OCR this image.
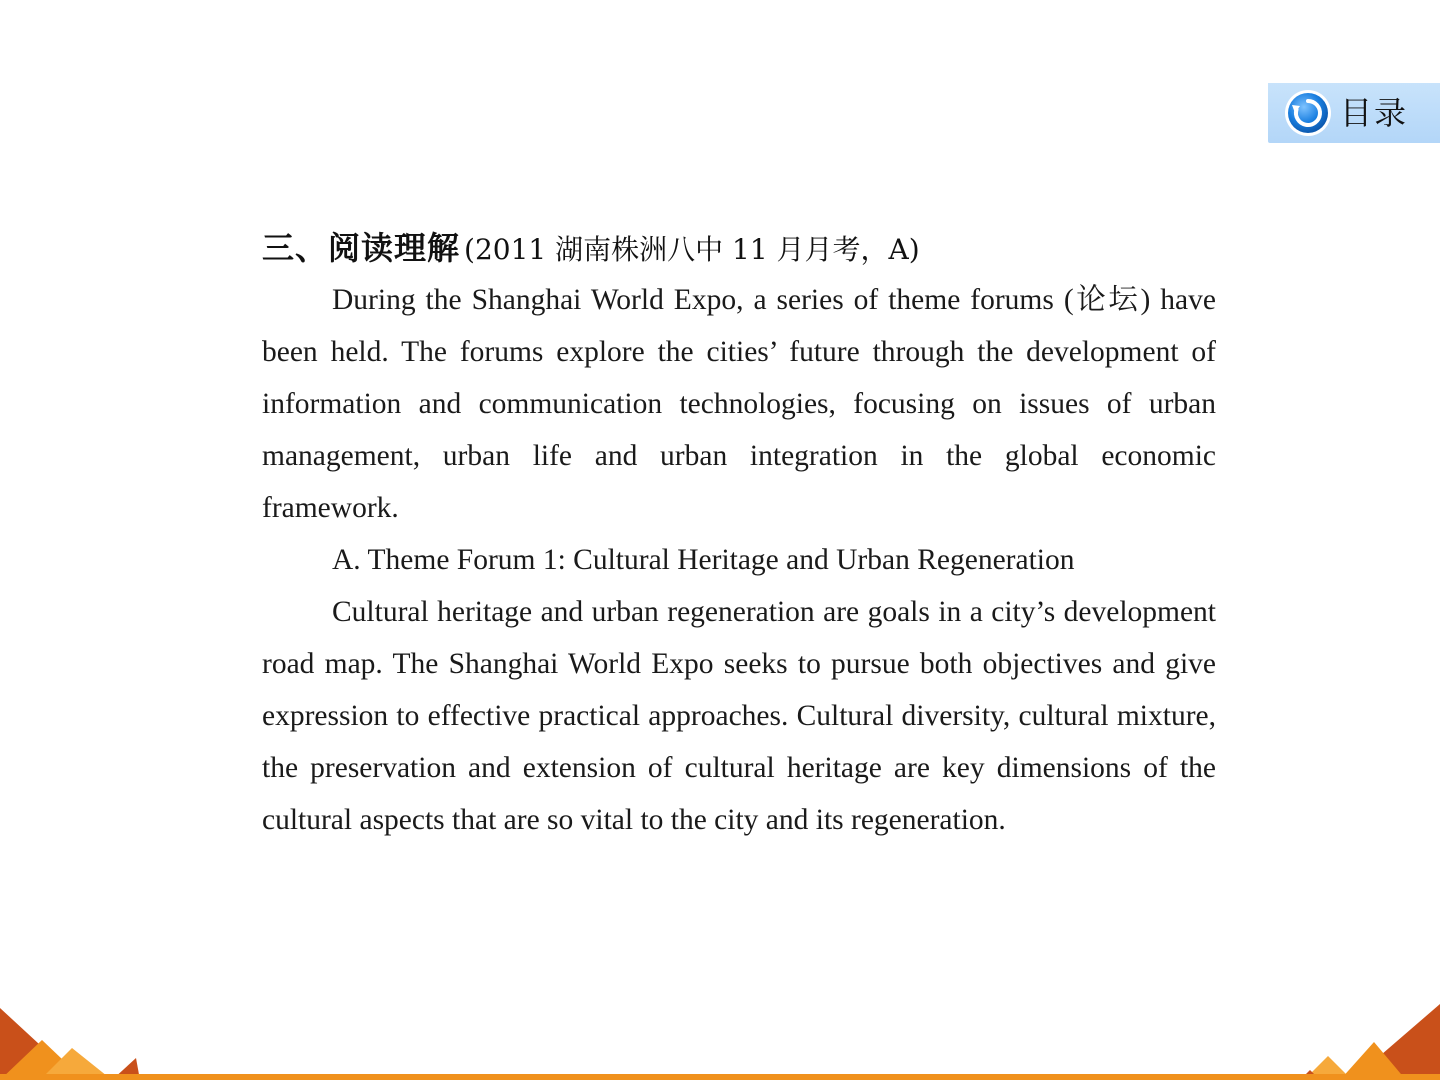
目录
三、阅读理解 (2011 湖南株洲八中 11 月月考，A)

During the Shanghai World Expo, a series of theme forums (论坛) have been held. The forums explore the cities’ future through the development of information and communication technologies, focusing on issues of urban management, urban life and urban integration in the global economic framework.

A. Theme Forum 1: Cultural Heritage and Urban Regeneration

Cultural heritage and urban regeneration are goals in a city’s development road map. The Shanghai World Expo seeks to pursue both objectives and give expression to effective practical approaches. Cultural diversity, cultural mixture, the preservation and extension of cultural heritage are key dimensions of the cultural aspects that are so vital to the city and its regeneration.
